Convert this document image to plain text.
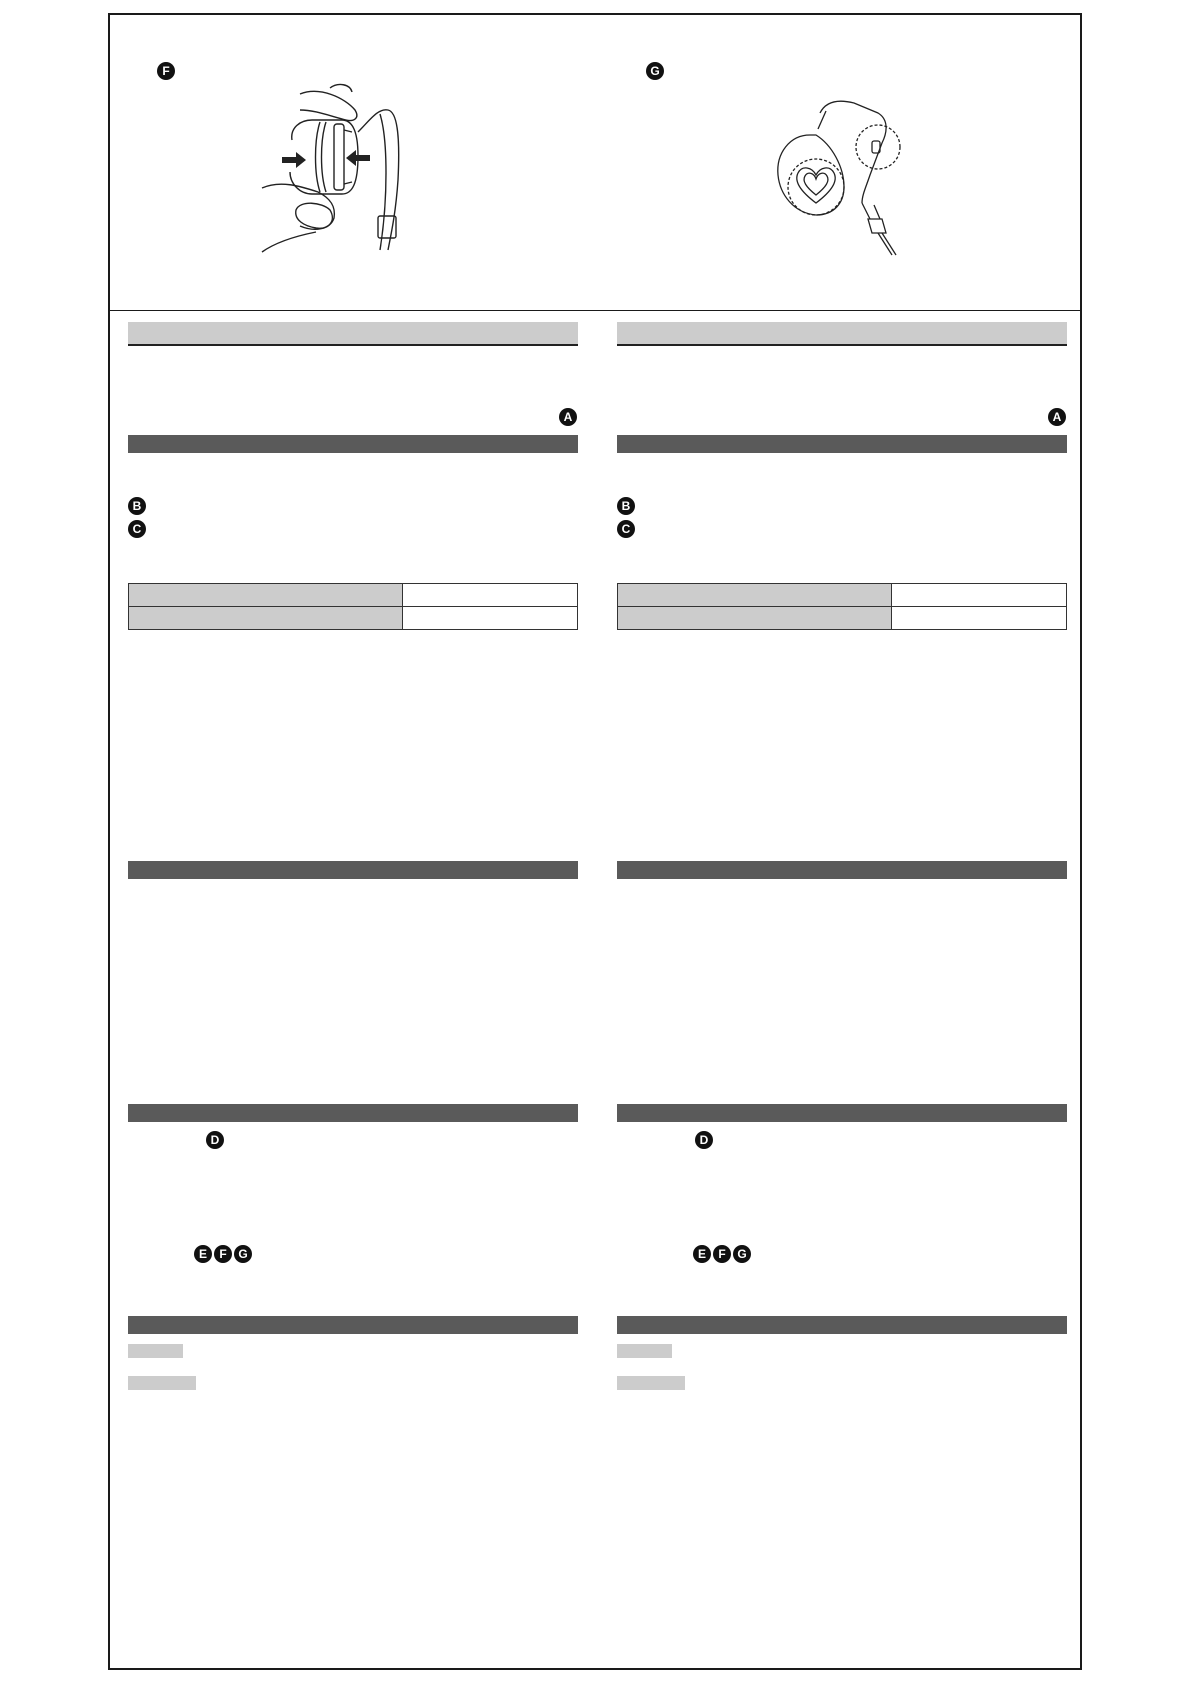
F	G
A
B
C

D
E	F G
A
B
C

D
E	F G
